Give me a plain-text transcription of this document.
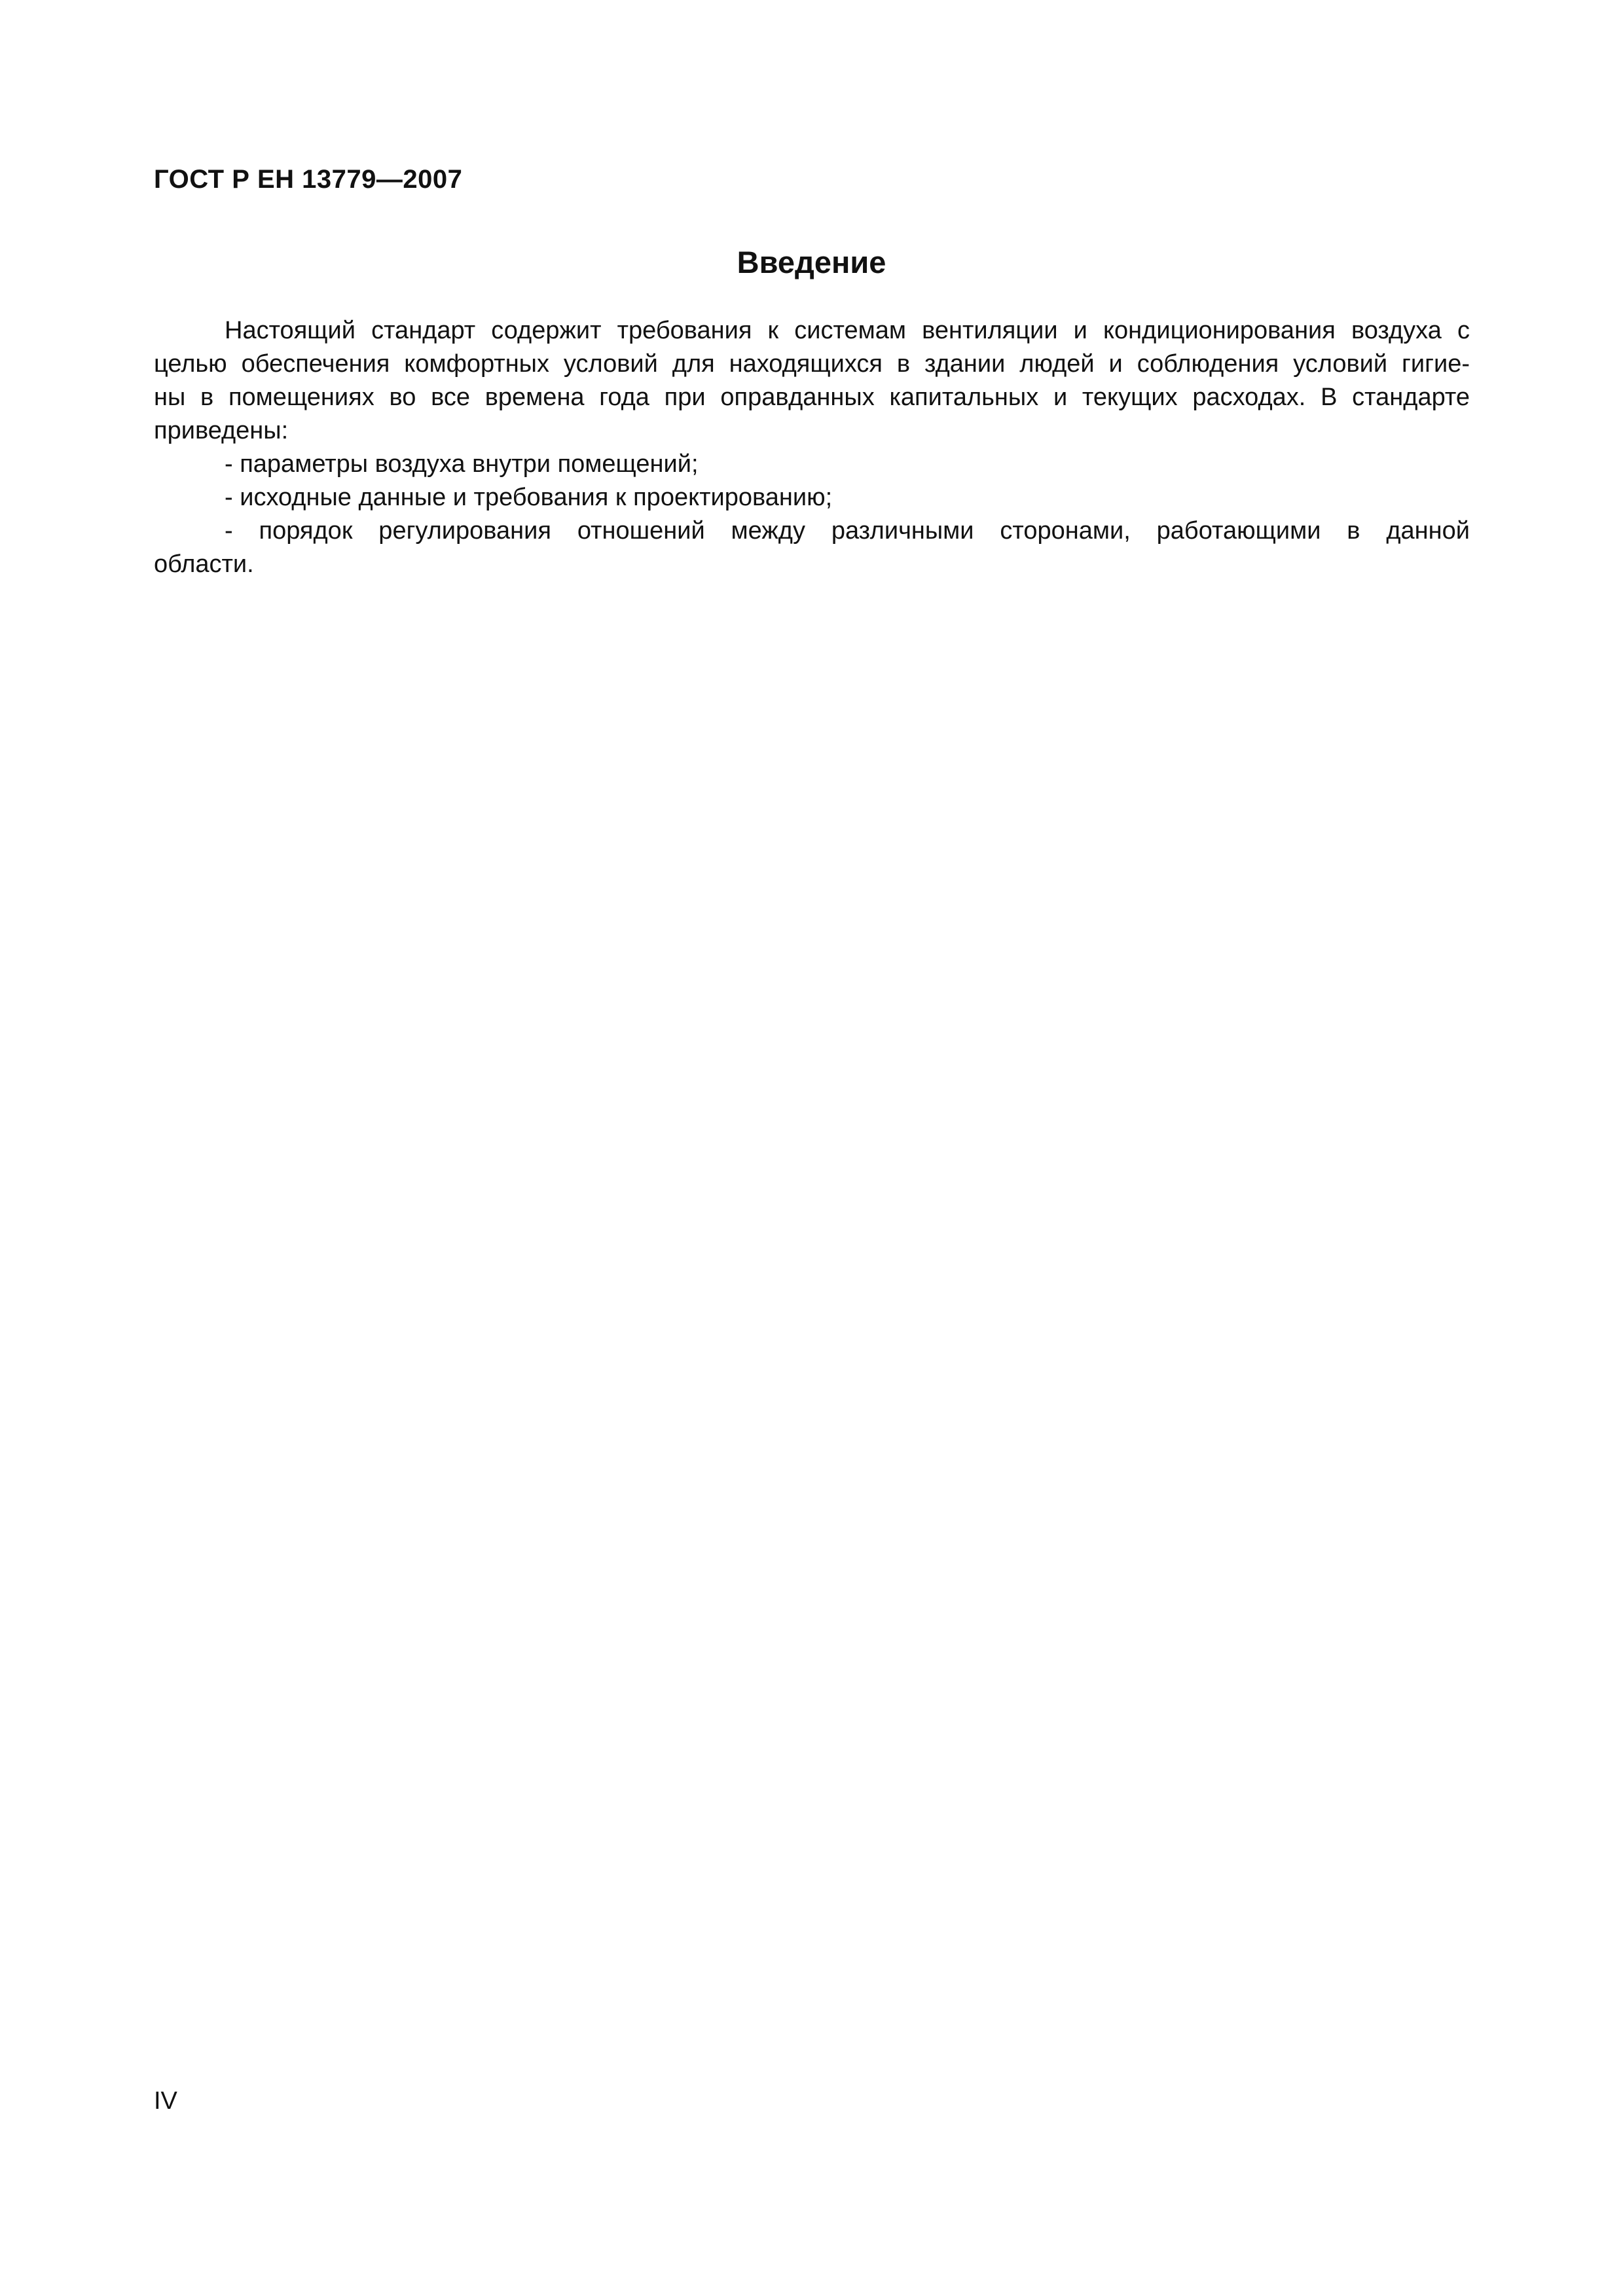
ГОСТ Р ЕН 13779—2007
Введение
Настоящий стандарт содержит требования к системам вентиляции и кондиционирования воздуха с
целью обеспечения комфортных условий для находящихся в здании людей и соблюдения условий гигие-
ны в помещениях во все времена года при оправданных капитальных и текущих расходах. В стандарте
приведены:
- параметры воздуха внутри помещений;
- исходные данные и требования к проектированию;
- порядок регулирования отношений между различными сторонами, работающими в данной
области.
IV
